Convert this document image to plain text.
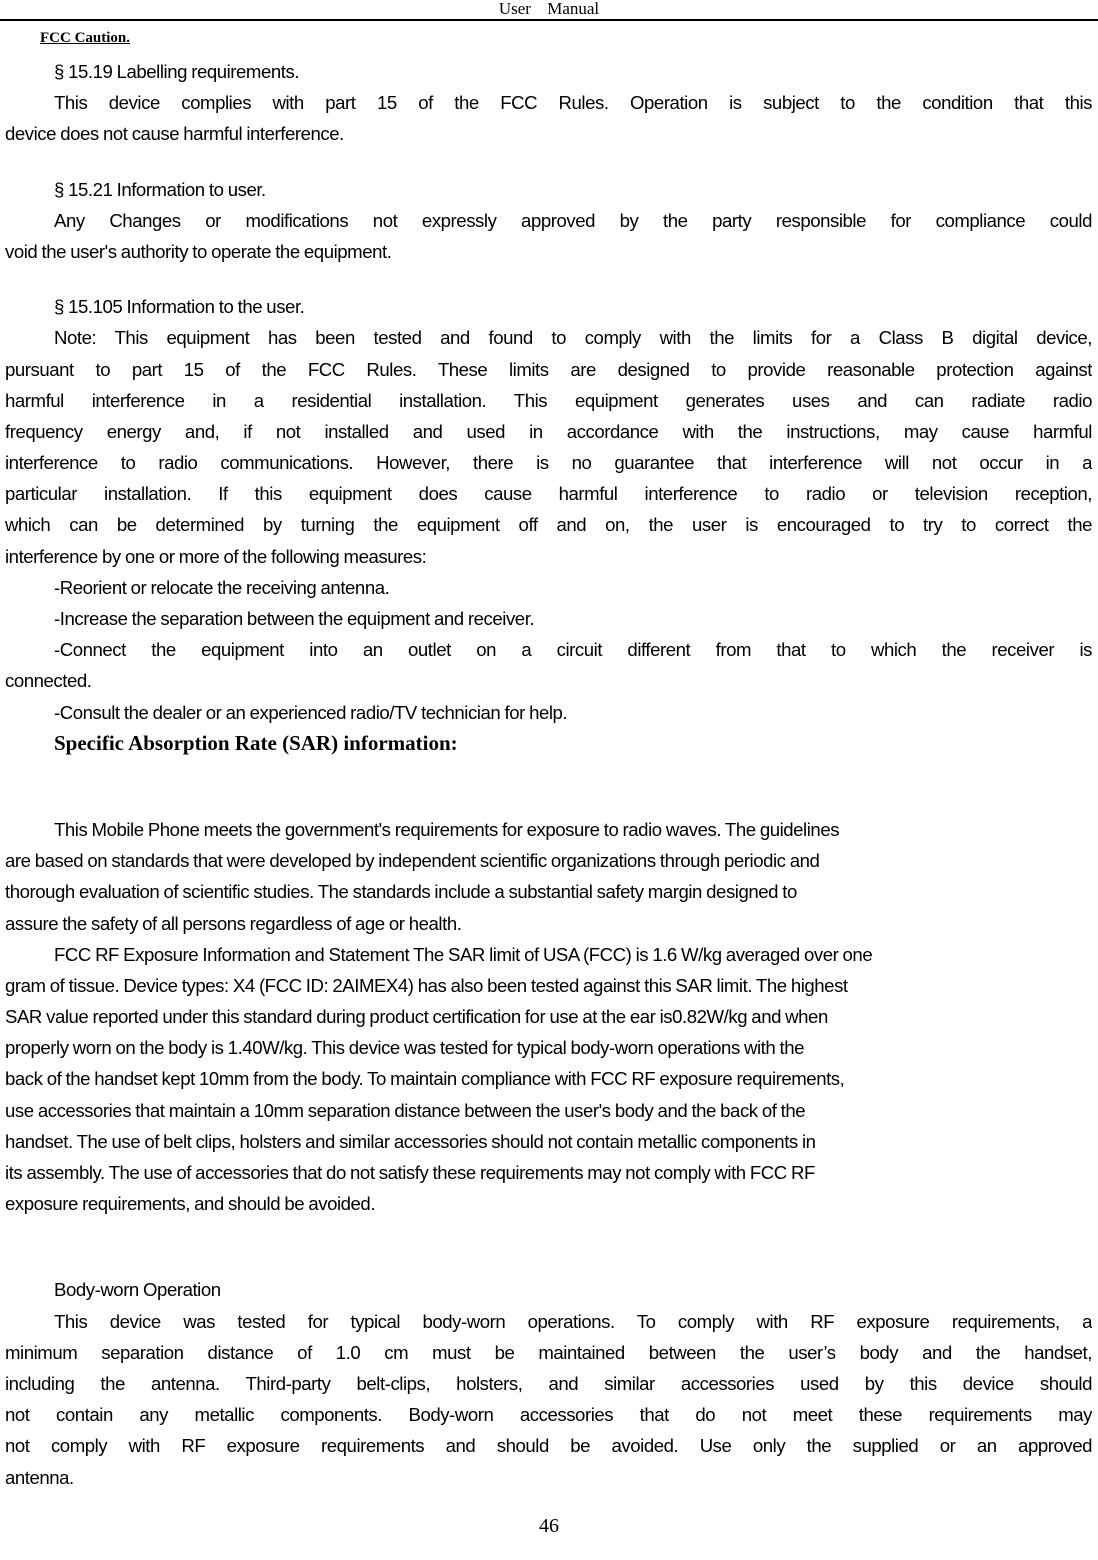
User Manual
FCC Caution.
§ 15.19 Labelling requirements.
This device complies with part 15 of the FCC Rules. Operation is subject to the condition that this
device does not cause harmful interference.
§ 15.21 Information to user.
Any Changes or modifications not expressly approved by the party responsible for compliance could
void the user's authority to operate the equipment.
§ 15.105 Information to the user.
Note: This equipment has been tested and found to comply with the limits for a Class B digital device,
pursuant to part 15 of the FCC Rules. These limits are designed to provide reasonable protection against
harmful interference in a residential installation. This equipment generates uses and can radiate radio
frequency energy and, if not installed and used in accordance with the instructions, may cause harmful
interference to radio communications. However, there is no guarantee that interference will not occur in a
particular installation. If this equipment does cause harmful interference to radio or television reception,
which can be determined by turning the equipment off and on, the user is encouraged to try to correct the
interference by one or more of the following measures:
-Reorient or relocate the receiving antenna.
-Increase the separation between the equipment and receiver.
-Connect the equipment into an outlet on a circuit different from that to which the receiver is
connected.
-Consult the dealer or an experienced radio/TV technician for help.
Specific Absorption Rate (SAR) information:
This Mobile Phone meets the government's requirements for exposure to radio waves. The guidelines
are based on standards that were developed by independent scientific organizations through periodic and
thorough evaluation of scientific studies. The standards include a substantial safety margin designed to
assure the safety of all persons regardless of age or health.
FCC RF Exposure Information and Statement The SAR limit of USA (FCC) is 1.6 W/kg averaged over one
gram of tissue. Device types: X4 (FCC ID: 2AIMEX4) has also been tested against this SAR limit. The highest
SAR value reported under this standard during product certification for use at the ear is0.82W/kg and when
properly worn on the body is 1.40W/kg. This device was tested for typical body-worn operations with the
back of the handset kept 10mm from the body. To maintain compliance with FCC RF exposure requirements,
use accessories that maintain a 10mm separation distance between the user's body and the back of the
handset. The use of belt clips, holsters and similar accessories should not contain metallic components in
its assembly. The use of accessories that do not satisfy these requirements may not comply with FCC RF
exposure requirements, and should be avoided.
Body-worn Operation
This device was tested for typical body-worn operations. To comply with RF exposure requirements, a
minimum separation distance of 1.0 cm must be maintained between the user’s body and the handset,
including the antenna. Third-party belt-clips, holsters, and similar accessories used by this device should
not contain any metallic components. Body-worn accessories that do not meet these requirements may
not comply with RF exposure requirements and should be avoided. Use only the supplied or an approved
antenna.
46
